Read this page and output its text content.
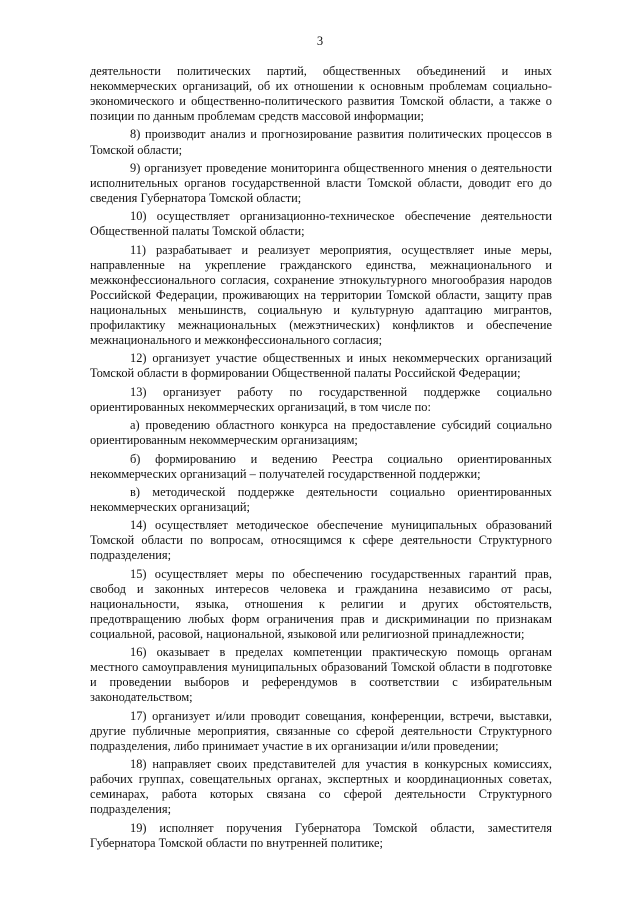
3

деятельности политических партий, общественных объединений и иных некоммерческих организаций, об их отношении к основным проблемам социально-экономического и общественно-политического развития Томской области, а также о позиции по данным проблемам средств массовой информации;

8) производит анализ и прогнозирование развития политических процессов в Томской области;

9) организует проведение мониторинга общественного мнения о деятельности исполнительных органов государственной власти Томской области, доводит его до сведения Губернатора Томской области;

10) осуществляет организационно-техническое обеспечение деятельности Общественной палаты Томской области;

11) разрабатывает и реализует мероприятия, осуществляет иные меры, направленные на укрепление гражданского единства, межнационального и межконфессионального согласия, сохранение этнокультурного многообразия народов Российской Федерации, проживающих на территории Томской области, защиту прав национальных меньшинств, социальную и культурную адаптацию мигрантов, профилактику межнациональных (межэтнических) конфликтов и обеспечение межнационального и межконфессионального согласия;

12) организует участие общественных и иных некоммерческих организаций Томской области в формировании Общественной палаты Российской Федерации;

13) организует работу по государственной поддержке социально ориентированных некоммерческих организаций, в том числе по:

а) проведению областного конкурса на предоставление субсидий социально ориентированным некоммерческим организациям;

б) формированию и ведению Реестра социально ориентированных некоммерческих организаций – получателей государственной поддержки;

в) методической поддержке деятельности социально ориентированных некоммерческих организаций;

14) осуществляет методическое обеспечение муниципальных образований Томской области по вопросам, относящимся к сфере деятельности Структурного подразделения;

15) осуществляет меры по обеспечению государственных гарантий прав, свобод и законных интересов человека и гражданина независимо от расы, национальности, языка, отношения к религии и других обстоятельств, предотвращению любых форм ограничения прав и дискриминации по признакам социальной, расовой, национальной, языковой или религиозной принадлежности;

16) оказывает в пределах компетенции практическую помощь органам местного самоуправления муниципальных образований Томской области в подготовке и проведении выборов и референдумов в соответствии с избирательным законодательством;

17) организует и/или проводит совещания, конференции, встречи, выставки, другие публичные мероприятия, связанные со сферой деятельности Структурного подразделения, либо принимает участие в их организации и/или проведении;

18) направляет своих представителей для участия в конкурсных комиссиях, рабочих группах, совещательных органах, экспертных и координационных советах, семинарах, работа которых связана со сферой деятельности Структурного подразделения;

19) исполняет поручения Губернатора Томской области, заместителя Губернатора Томской области по внутренней политике;
